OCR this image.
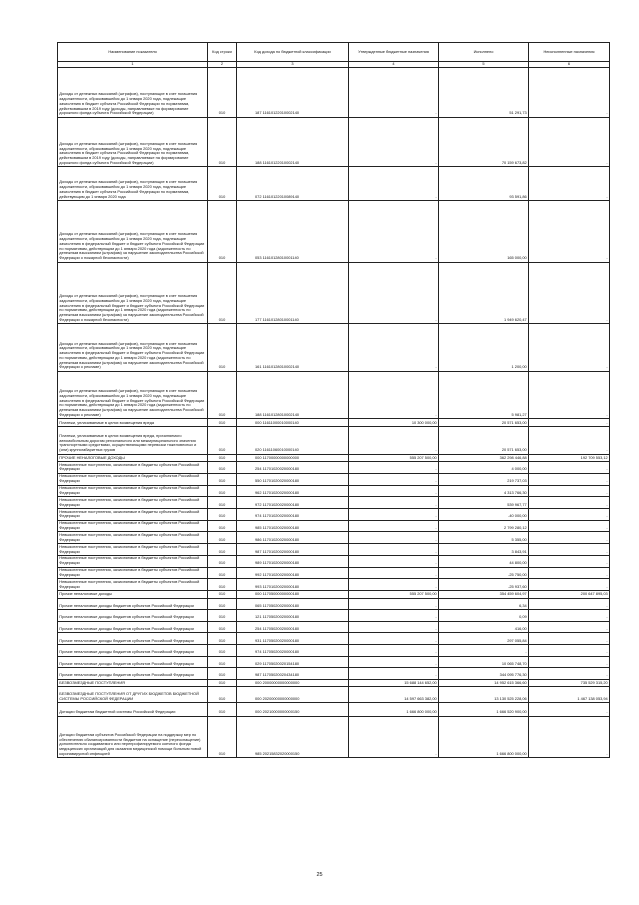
Наименование показателя	Код строки	Код дохода по бюджетной классификации	Утвержденные бюджетные назначения	Исполнено	Неисполненные назначения
1	2	3	4	5	6
Доходы от денежных взысканий (штрафов), поступающие в счет погашения задолженности, образовавшейся до 1 января 2020 года, подлежащие зачислению в бюджет субъекта Российской Федерации по нормативам, действовавшим в 2019 году (доходы, направляемые на формирование дорожного фонда субъекта Российской Федерации)	010	187 11610122010002140	-	51 291,73	-
Доходы от денежных взысканий (штрафов), поступающие в счет погашения задолженности, образовавшейся до 1 января 2020 года, подлежащие зачислению в бюджет субъекта Российской Федерации по нормативам, действовавшим в 2019 году (доходы, направляемые на формирование дорожного фонда субъекта Российской Федерации)	010	188 11610122010002140	-	70 159 673,82	-
Доходы от денежных взысканий (штрафов), поступающие в счет погашения задолженности, образовавшейся до 1 января 2020 года, подлежащие зачислению в бюджет субъекта Российской Федерации по нормативам, действующим до 1 января 2020 года	010	072 11610122010089140	-	93 591,86	-
Доходы от денежных взысканий (штрафов), поступающие в счет погашения задолженности, образовавшейся до 1 января 2020 года, подлежащие зачислению в федеральный бюджет и бюджет субъекта Российской Федерации по нормативам, действующим до 1 января 2020 года (задолженность по денежным взысканиям (штрафам) за нарушение законодательства Российской Федерации о пожарной безопасности)	010	053 11610128010001140	-	165 000,00	-
Доходы от денежных взысканий (штрафов), поступающие в счет погашения задолженности, образовавшейся до 1 января 2020 года, подлежащие зачислению в федеральный бюджет и бюджет субъекта Российской Федерации по нормативам, действующим до 1 января 2020 года (задолженность по денежным взысканиям (штрафам) за нарушение законодательства Российской Федерации о пожарной безопасности)	010	177 11610128010001140	-	1 949 620,47	-
Доходы от денежных взысканий (штрафов), поступающие в счет погашения задолженности, образовавшейся до 1 января 2020 года, подлежащие зачислению в федеральный бюджет и бюджет субъекта Российской Федерации по нормативам, действующим до 1 января 2020 года (задолженность по денежным взысканиям (штрафам) за нарушение законодательства Российской Федерации о рекламе)	010	161 11610128010002140	-	1 200,00	-
Доходы от денежных взысканий (штрафов), поступающие в счет погашения задолженности, образовавшейся до 1 января 2020 года, подлежащие зачислению в федеральный бюджет и бюджет субъекта Российской Федерации по нормативам, действующим до 1 января 2020 года (задолженность по денежным взысканиям (штрафам) за нарушение законодательства Российской Федерации о рекламе)	010	188 11610128010002140	-	5 981,27	-
Платежи, уплачиваемые в целях возмещения вреда	010	000 11611000010000140	10 300 000,00	20 571 653,00	-
Платежи, уплачиваемые в целях возмещения вреда, причиняемого автомобильным дорогам регионального или межмуниципального значения транспортными средствами, осуществляющими перевозки тяжеловесных и (или) крупногабаритных грузов	010	020 11611060010000140	-	20 571 653,00	-
ПРОЧИЕ НЕНАЛОГОВЫЕ ДОХОДЫ	010	000 11700000000000000	555 207 500,00	362 298 446,88	192 709 553,12
Невыясненные поступления, зачисляемые в бюджеты субъектов Российской Федерации	010	254 11701020020000180	-	4 000,00	-
Невыясненные поступления, зачисляемые в бюджеты субъектов Российской Федерации	010	550 11701020020000180	-	219 737,03	-
Невыясненные поступления, зачисляемые в бюджеты субъектов Российской Федерации	010	962 11701020020000180	-	4 313 766,30	-
Невыясненные поступления, зачисляемые в бюджеты субъектов Российской Федерации	010	972 11701020020000180	-	539 967,77	-
Невыясненные поступления, зачисляемые в бюджеты субъектов Российской Федерации	010	974 11701020020000180	-	-40 000,00	-
Невыясненные поступления, зачисляемые в бюджеты субъектов Российской Федерации	010	985 11701020020000180	-	2 799 280,12	-
Невыясненные поступления, зачисляемые в бюджеты субъектов Российской Федерации	010	986 11701020020000180	-	5 355,00	-
Невыясненные поступления, зачисляемые в бюджеты субъектов Российской Федерации	010	987 11701020020000180	-	3 843,91	-
Невыясненные поступления, зачисляемые в бюджеты субъектов Российской Федерации	010	989 11701020020000180	-	44 800,00	-
Невыясненные поступления, зачисляемые в бюджеты субъектов Российской Федерации	010	992 11701020020000180	-	-25 750,00	-
Невыясненные поступления, зачисляемые в бюджеты субъектов Российской Федерации	010	993 11701020020000180	-	-25 937,60	-
Прочие неналоговые доходы	010	000 11705000000000180	555 207 500,00	354 459 604,97	200 647 895,03
Прочие неналоговые доходы бюджетов субъектов Российской Федерации	010	065 11705020020000180	-	6,34	-
Прочие неналоговые доходы бюджетов субъектов Российской Федерации	010	121 11705020020000180	-	0,09	-
Прочие неналоговые доходы бюджетов субъектов Российской Федерации	010	254 11705020020000180	-	416,00	-
Прочие неналоговые доходы бюджетов субъектов Российской Федерации	010	931 11705020020000180	-	297 055,84	-
Прочие неналоговые доходы бюджетов субъектов Российской Федерации	010	974 11705020020000180	-	-	-
Прочие неналоговые доходы бюджетов субъектов Российской Федерации	010	029 11705020020154180	-	10 065 748,70	-
Прочие неналоговые доходы бюджетов субъектов Российской Федерации	010	987 11705020020434180	-	344 095 776,30	-
БЕЗВОЗМЕЗДНЫЕ ПОСТУПЛЕНИЯ	010	000 20000000000000000	15 688 144 652,00	14 952 615 366,60	735 529 315,20
БЕЗВОЗМЕЗДНЫЕ ПОСТУПЛЕНИЯ ОТ ДРУГИХ БЮДЖЕТОВ БЮДЖЕТНОЙ СИСТЕМЫ РОССИЙСКОЙ ФЕДЕРАЦИИ	010	000 20200000000000000	14 597 663 382,00	13 130 525 228,06	1 467 138 053,94
Дотации бюджетам бюджетной системы Российской Федерации	010	000 20210000000000150	1 666 800 000,00	1 666 520 900,00	-
Дотации бюджетам субъектов Российской Федерации на поддержку мер по обеспечению сбалансированности бюджетов на оснащение (переоснащение) дополнительно создаваемого или перепрофилируемого коечного фонда медицинских организаций для оказания медицинской помощи больным новой коронавирусной инфекцией	010	985 20215832020000150	-	1 666 800 000,00	-
25
